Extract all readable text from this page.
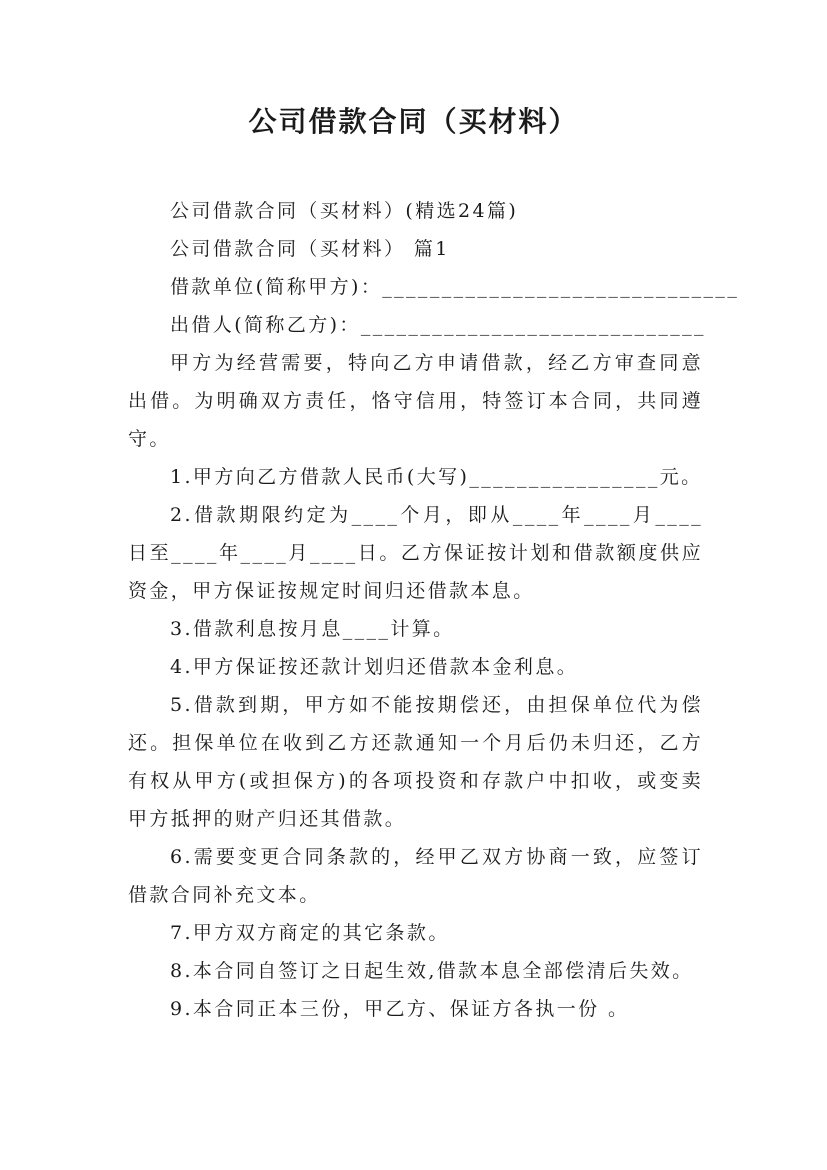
公司借款合同（买材料）

公司借款合同（买材料）(精选24篇)

公司借款合同（买材料） 篇1

借款单位(简称甲方)：______________________________

出借人(简称乙方)：_____________________________

甲方为经营需要，特向乙方申请借款，经乙方审查同意出借。为明确双方责任，恪守信用，特签订本合同，共同遵守。

1.甲方向乙方借款人民币(大写)________________元。

2.借款期限约定为____个月，即从____年____月____日至____年____月____日。乙方保证按计划和借款额度供应资金，甲方保证按规定时间归还借款本息。

3.借款利息按月息____计算。

4.甲方保证按还款计划归还借款本金利息。

5.借款到期，甲方如不能按期偿还，由担保单位代为偿还。担保单位在收到乙方还款通知一个月后仍未归还，乙方有权从甲方(或担保方)的各项投资和存款户中扣收，或变卖甲方抵押的财产归还其借款。

6.需要变更合同条款的，经甲乙双方协商一致，应签订借款合同补充文本。

7.甲方双方商定的其它条款。

8.本合同自签订之日起生效,借款本息全部偿清后失效。

9.本合同正本三份，甲乙方、保证方各执一份 。
